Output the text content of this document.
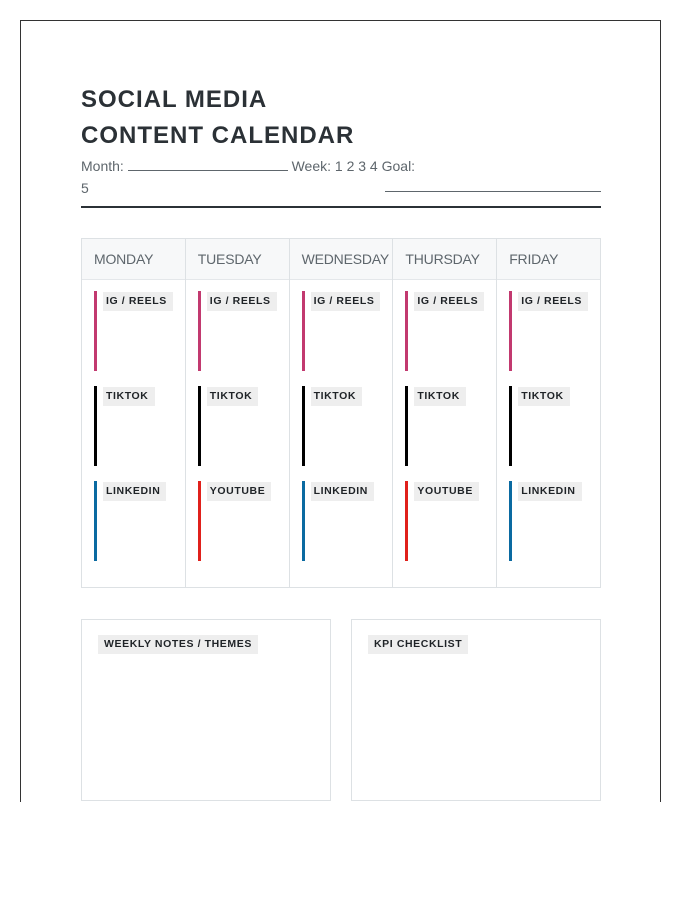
SOCIAL MEDIA
CONTENT CALENDAR
Month:	Week: 1 2 3 4 Goal:
5
MONDAY
IG / REELS
TIKTOK
LINKEDIN
TUESDAY
IG / REELS
TIKTOK
YOUTUBE
WEDNESDAY
IG / REELS
TIKTOK
LINKEDIN
THURSDAY
IG / REELS
TIKTOK
YOUTUBE
FRIDAY
IG / REELS
TIKTOK
LINKEDIN
WEEKLY NOTES / THEMES	KPI CHECKLIST
